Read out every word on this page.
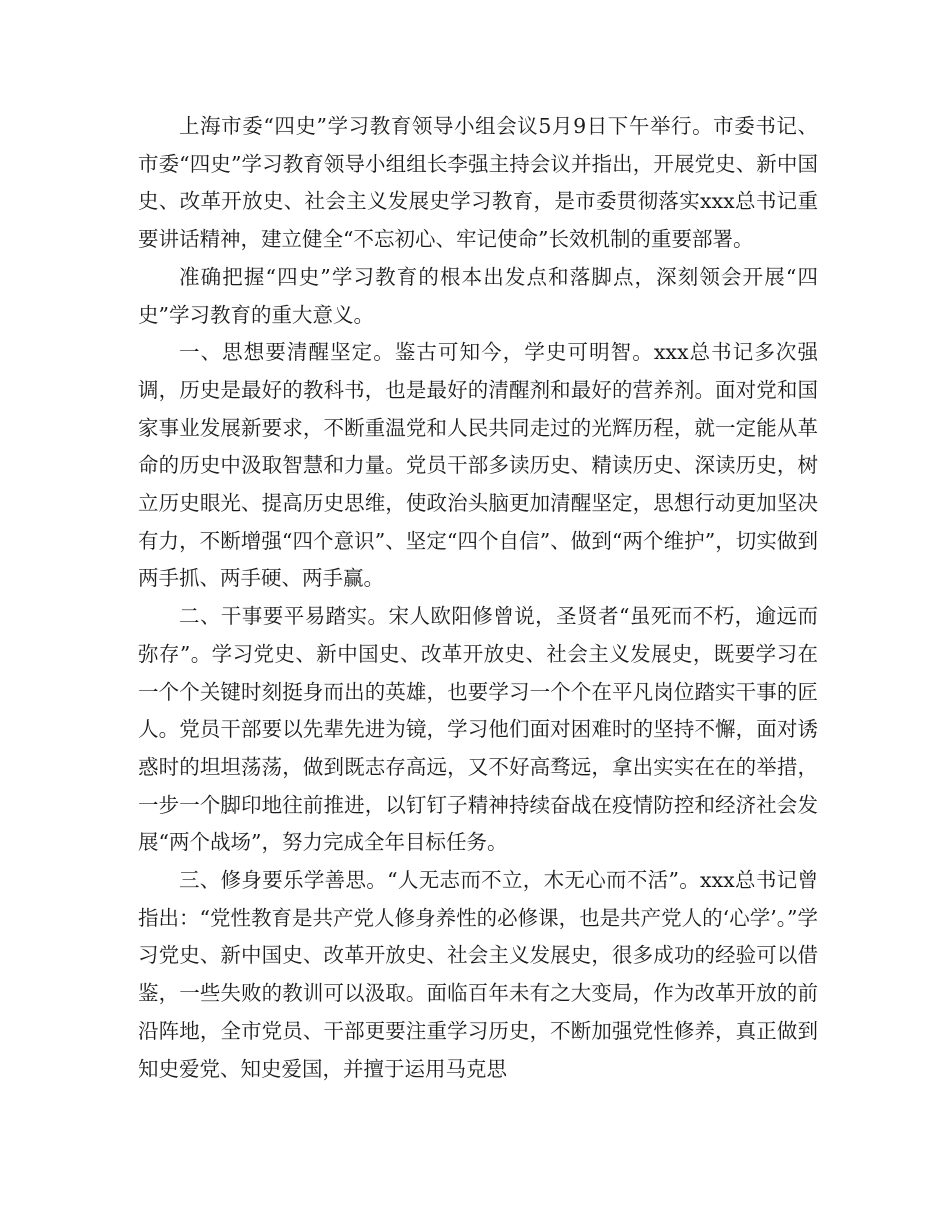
上海市委“四史”学习教育领导小组会议5月9日下午举行。市委书记、市委“四史”学习教育领导小组组长李强主持会议并指出，开展党史、新中国史、改革开放史、社会主义发展史学习教育，是市委贯彻落实xxx总书记重要讲话精神，建立健全“不忘初心、牢记使命”长效机制的重要部署。

准确把握“四史”学习教育的根本出发点和落脚点，深刻领会开展“四史”学习教育的重大意义。

一、思想要清醒坚定。鉴古可知今，学史可明智。xxx总书记多次强调，历史是最好的教科书，也是最好的清醒剂和最好的营养剂。面对党和国家事业发展新要求，不断重温党和人民共同走过的光辉历程，就一定能从革命的历史中汲取智慧和力量。党员干部多读历史、精读历史、深读历史，树立历史眼光、提高历史思维，使政治头脑更加清醒坚定，思想行动更加坚决有力，不断增强“四个意识”、坚定“四个自信”、做到“两个维护”，切实做到两手抓、两手硬、两手赢。

二、干事要平易踏实。宋人欧阳修曾说，圣贤者“虽死而不朽，逾远而弥存”。学习党史、新中国史、改革开放史、社会主义发展史，既要学习在一个个关键时刻挺身而出的英雄，也要学习一个个在平凡岗位踏实干事的匠人。党员干部要以先辈先进为镜，学习他们面对困难时的坚持不懈，面对诱惑时的坦坦荡荡，做到既志存高远，又不好高骛远，拿出实实在在的举措，一步一个脚印地往前推进，以钉钉子精神持续奋战在疫情防控和经济社会发展“两个战场”，努力完成全年目标任务。

三、修身要乐学善思。“人无志而不立，木无心而不活”。xxx总书记曾指出：“党性教育是共产党人修身养性的必修课，也是共产党人的‘心学’。”学习党史、新中国史、改革开放史、社会主义发展史，很多成功的经验可以借鉴，一些失败的教训可以汲取。面临百年未有之大变局，作为改革开放的前沿阵地，全市党员、干部更要注重学习历史，不断加强党性修养，真正做到知史爱党、知史爱国，并擅于运用马克思
